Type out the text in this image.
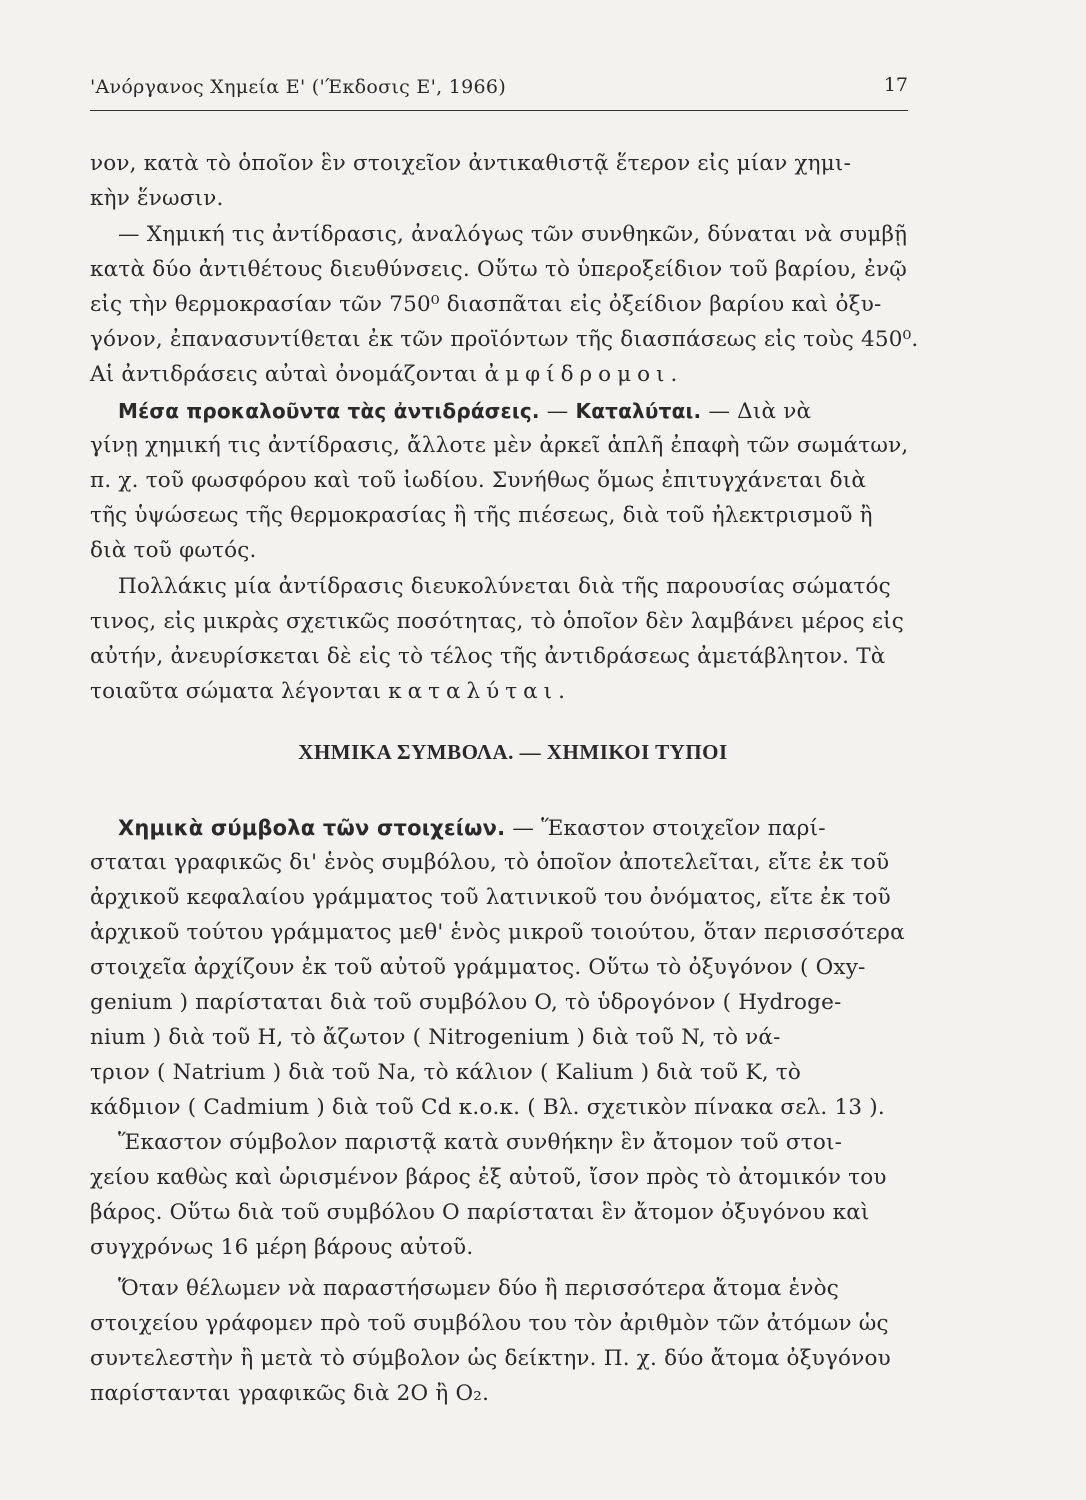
'Ανόργανος Χημεία Ε' ('Έκδοσις Ε', 1966)	17
νον, κατὰ τὸ ὁποῖον ἓν στοιχεῖον ἀντικαθιστᾷ ἕτερον εἰς μίαν χημι-
κὴν ἕνωσιν.
— Χημική τις ἀντίδρασις, ἀναλόγως τῶν συνθηκῶν, δύναται νὰ συμβῇ
κατὰ δύο ἀντιθέτους διευθύνσεις. Οὕτω τὸ ὑπεροξείδιον τοῦ βαρίου, ἐνῷ
εἰς τὴν θερμοκρασίαν τῶν 750⁰ διασπᾶται εἰς ὀξείδιον βαρίου καὶ ὀξυ-
γόνον, ἐπανασυντίθεται ἐκ τῶν προϊόντων τῆς διασπάσεως εἰς τοὺς 450⁰.
Αἱ ἀντιδράσεις αὐταὶ ὀνομάζονται ἀμφίδρομοι.
Μέσα προκαλοῦντα τὰς ἀντιδράσεις. — Καταλύται. — Διὰ νὰ
γίνῃ χημική τις ἀντίδρασις, ἄλλοτε μὲν ἀρκεῖ ἁπλῆ ἐπαφὴ τῶν σωμάτων,
π. χ. τοῦ φωσφόρου καὶ τοῦ ἰωδίου. Συνήθως ὅμως ἐπιτυγχάνεται διὰ
τῆς ὑψώσεως τῆς θερμοκρασίας ἢ τῆς πιέσεως, διὰ τοῦ ἠλεκτρισμοῦ ἢ
διὰ τοῦ φωτός.
Πολλάκις μία ἀντίδρασις διευκολύνεται διὰ τῆς παρουσίας σώματός
τινος, εἰς μικρὰς σχετικῶς ποσότητας, τὸ ὁποῖον δὲν λαμβάνει μέρος εἰς
αὐτήν, ἀνευρίσκεται δὲ εἰς τὸ τέλος τῆς ἀντιδράσεως ἀμετάβλητον. Τὰ
τοιαῦτα σώματα λέγονται καταλύται.
ΧΗΜΙΚΑ ΣΥΜΒΟΛΑ. — ΧΗΜΙΚΟΙ ΤΥΠΟΙ
Χημικὰ σύμβολα τῶν στοιχείων. — Ἕκαστον στοιχεῖον παρί-
σταται γραφικῶς δι' ἑνὸς συμβόλου, τὸ ὁποῖον ἀποτελεῖται, εἴτε ἐκ τοῦ
ἀρχικοῦ κεφαλαίου γράμματος τοῦ λατινικοῦ του ὀνόματος, εἴτε ἐκ τοῦ
ἀρχικοῦ τούτου γράμματος μεθ' ἑνὸς μικροῦ τοιούτου, ὅταν περισσότερα
στοιχεῖα ἀρχίζουν ἐκ τοῦ αὐτοῦ γράμματος. Οὕτω τὸ ὀξυγόνον ( Oxy-
genium ) παρίσταται διὰ τοῦ συμβόλου O, τὸ ὑδρογόνον ( Hydroge-
nium ) διὰ τοῦ H, τὸ ἄζωτον ( Nitrogenium ) διὰ τοῦ N, τὸ νά-
τριον ( Natrium ) διὰ τοῦ Na, τὸ κάλιον ( Kalium ) διὰ τοῦ K, τὸ
κάδμιον ( Cadmium ) διὰ τοῦ Cd κ.ο.κ. ( Βλ. σχετικὸν πίνακα σελ. 13 ).
Ἕκαστον σύμβολον παριστᾷ κατὰ συνθήκην ἓν ἄτομον τοῦ στοι-
χείου καθὼς καὶ ὡρισμένον βάρος ἐξ αὐτοῦ, ἴσον πρὸς τὸ ἀτομικόν του
βάρος. Οὕτω διὰ τοῦ συμβόλου O παρίσταται ἓν ἄτομον ὀξυγόνου καὶ
συγχρόνως 16 μέρη βάρους αὐτοῦ.
Ὅταν θέλωμεν νὰ παραστήσωμεν δύο ἢ περισσότερα ἄτομα ἑνὸς
στοιχείου γράφομεν πρὸ τοῦ συμβόλου του τὸν ἀριθμὸν τῶν ἀτόμων ὡς
συντελεστὴν ἢ μετὰ τὸ σύμβολον ὡς δείκτην. Π. χ. δύο ἄτομα ὀξυγόνου
παρίστανται γραφικῶς διὰ 2O ἢ O₂.
